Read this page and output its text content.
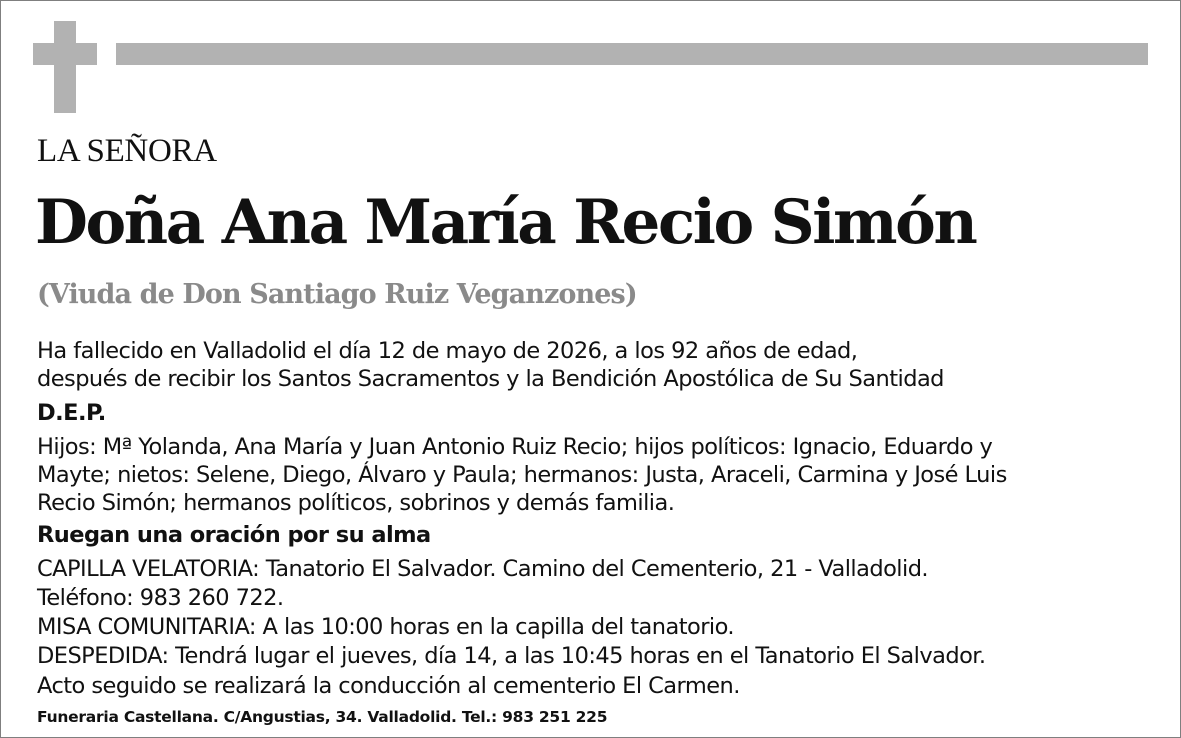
LA SEÑORA
Doña Ana María Recio Simón
(Viuda de Don Santiago Ruiz Veganzones)
Ha fallecido en Valladolid el día 12 de mayo de 2026, a los 92 años de edad,
después de recibir los Santos Sacramentos y la Bendición Apostólica de Su Santidad
D.E.P.
Hijos: Mª Yolanda, Ana María y Juan Antonio Ruiz Recio; hijos políticos: Ignacio, Eduardo y
Mayte; nietos: Selene, Diego, Álvaro y Paula; hermanos: Justa, Araceli, Carmina y José Luis
Recio Simón; hermanos políticos, sobrinos y demás familia.
Ruegan una oración por su alma
CAPILLA VELATORIA: Tanatorio El Salvador. Camino del Cementerio, 21 - Valladolid.
Teléfono: 983 260 722.
MISA COMUNITARIA: A las 10:00 horas en la capilla del tanatorio.
DESPEDIDA: Tendrá lugar el jueves, día 14, a las 10:45 horas en el Tanatorio El Salvador.
Acto seguido se realizará la conducción al cementerio El Carmen.
Funeraria Castellana. C/Angustias, 34. Valladolid. Tel.: 983 251 225
